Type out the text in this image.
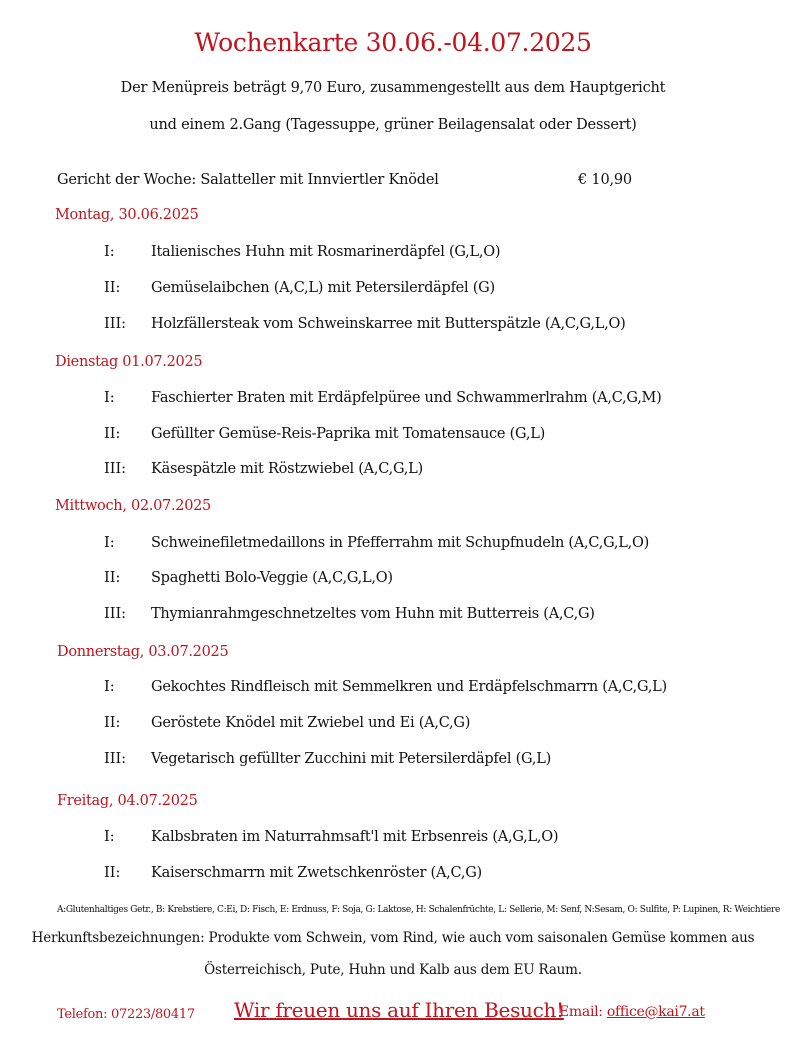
Wochenkarte 30.06.-04.07.2025
Der Menüpreis beträgt 9,70 Euro, zusammengestellt aus dem Hauptgericht
und einem 2.Gang (Tagessuppe, grüner Beilagensalat oder Dessert)
Gericht der Woche: Salatteller mit Innviertler Knödel	€ 10,90
Montag, 30.06.2025
I:	Italienisches Huhn mit Rosmarinerdäpfel (G,L,O)
II: Gemüselaibchen (A,C,L) mit Petersilerdäpfel (G)
III: Holzfällersteak vom Schweinskarree mit Butterspätzle (A,C,G,L,O)
Dienstag 01.07.2025
I:	Faschierter Braten mit Erdäpfelpüree und Schwammerlrahm (A,C,G,M)
II: Gefüllter Gemüse-Reis-Paprika mit Tomatensauce (G,L)
III: Käsespätzle mit Röstzwiebel (A,C,G,L)
Mittwoch, 02.07.2025
I:	Schweinefiletmedaillons in Pfefferrahm mit Schupfnudeln (A,C,G,L,O)
II: Spaghetti Bolo-Veggie (A,C,G,L,O)
III: Thymianrahmgeschnetzeltes vom Huhn mit Butterreis (A,C,G)
Donnerstag, 03.07.2025
I:	Gekochtes Rindfleisch mit Semmelkren und Erdäpfelschmarrn (A,C,G,L)
II: Geröstete Knödel mit Zwiebel und Ei (A,C,G)
III: Vegetarisch gefüllter Zucchini mit Petersilerdäpfel (G,L)
Freitag, 04.07.2025
I:	Kalbsbraten im Naturrahmsaft'l mit Erbsenreis (A,G,L,O)
II: Kaiserschmarrn mit Zwetschkenröster (A,C,G)
A:Glutenhaltiges Getr., B: Krebstiere, C:Ei, D: Fisch, E: Erdnuss, F: Soja, G: Laktose, H: Schalenfrüchte, L: Sellerie, M: Senf, N:Sesam, O: Sulfite, P: Lupinen, R: Weichtiere
Herkunftsbezeichnungen: Produkte vom Schwein, vom Rind, wie auch vom saisonalen Gemüse kommen aus
Österreichisch, Pute, Huhn und Kalb aus dem EU Raum.
Telefon: 07223/80417 Wir freuen uns auf Ihren Besuch!
Email: office@kai7.at
